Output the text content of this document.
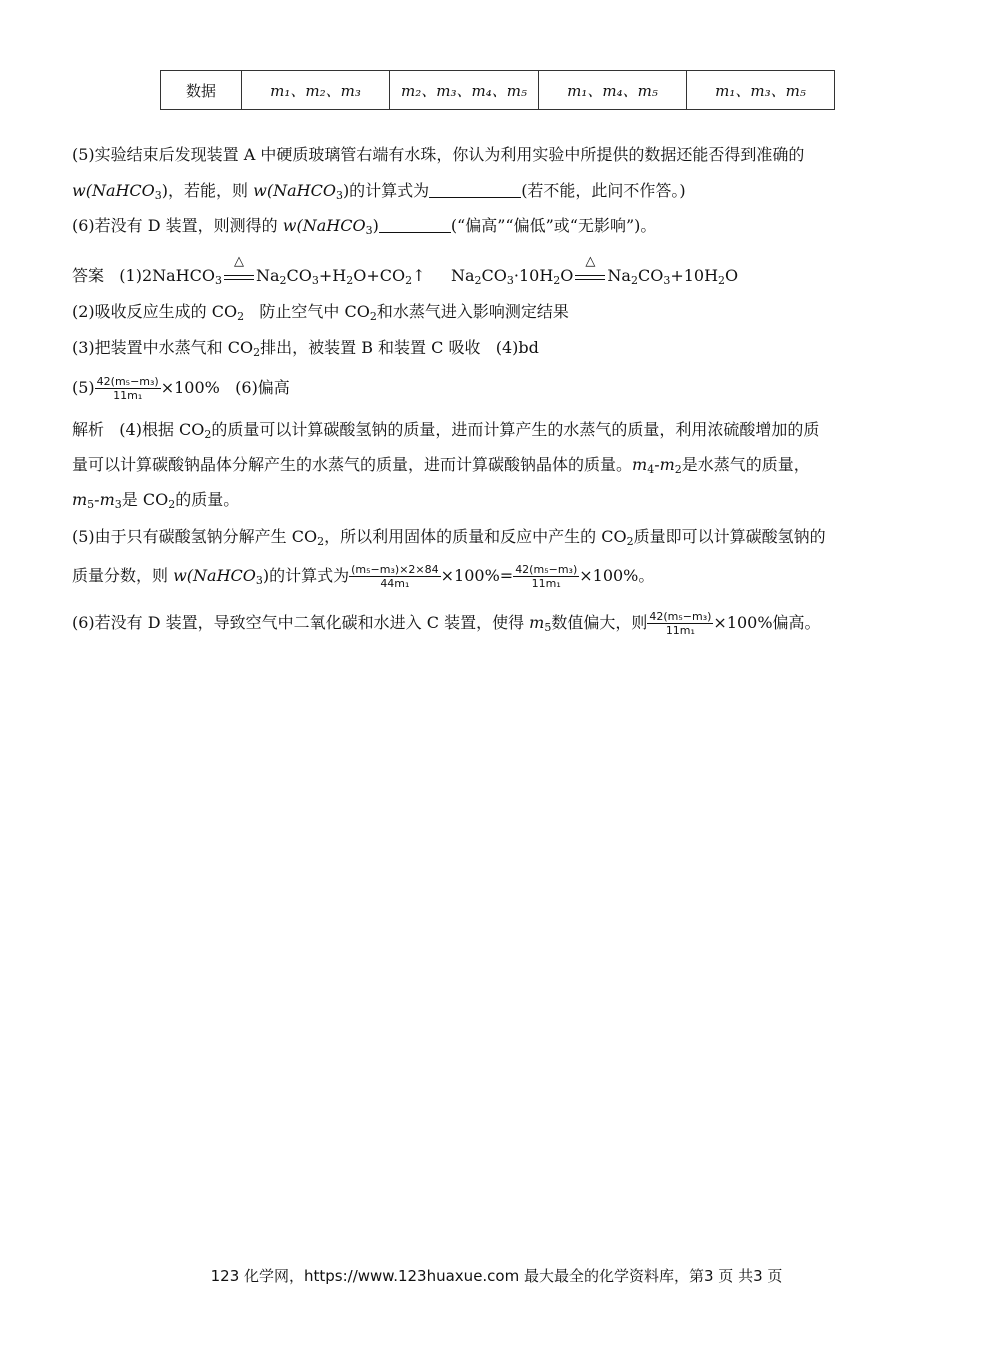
数据	m₁、m₂、m₃	m₂、m₃、m₄、m₅	m₁、m₄、m₅	m₁、m₃、m₅
(5)实验结束后发现装置 A 中硬质玻璃管右端有水珠，你认为利用实验中所提供的数据还能否得到准确的
w(NaHCO$_3$)，若能，则 w(NaHCO$_3$)的计算式为	(若不能，此问不作答。)
(6)若没有 D 装置，则测得的 w(NaHCO$_3$)	(“偏高”“偏低”或“无影响”)。
答案 (1)2NaHCO$_3$
△
$Na_2CO_3+H_2O+CO_2↑$ $Na_2CO_3\cdot 10H_2O$
△
$Na_2CO_3+10H_2O$
(2)吸收反应生成的 $CO_2$ 防止空气中 $CO_2$和水蒸气进入影响测定结果
(3)把装置中水蒸气和 $CO_2$排出，被装置 B 和装置 C 吸收 (4)bd
$(5) \frac{\text{42(m₅−m₃)}}{\text{11m₁}} \times 100\%$ (6)偏高
解析 (4)根据 $CO_2$的质量可以计算碳酸氢钠的质量，进而计算产生的水蒸气的质量，利用浓硫酸增加的质
量可以计算碳酸钠晶体分解产生的水蒸气的质量，进而计算碳酸钠晶体的质量。$m_4-m_2$是水蒸气的质量，
$m_5-m_3$是 $CO_2$的质量。
(5)由于只有碳酸氢钠分解产生 $CO_2$，所以利用固体的质量和反应中产生的 $CO_2$质量即可以计算碳酸氢钠的
质量分数，则 w(NaHCO$_3$)的计算式为 $\frac{\text{(m₅−m₃)×2×84}}{\text{44m₁}} \times 100\%= \frac{\text{42(m₅−m₃)}}{\text{11m₁}} \times 100\%$。
(6)若没有 D 装置，导致空气中二氧化碳和水进入 C 装置，使得 $m_5$数值偏大，则 $\frac{\text{42(m₅−m₃)}}{\text{11m₁}} \times 100\%$偏高。
123 化学网，https://www.123huaxue.com 最大最全的化学资料库，第3 页 共3 页
